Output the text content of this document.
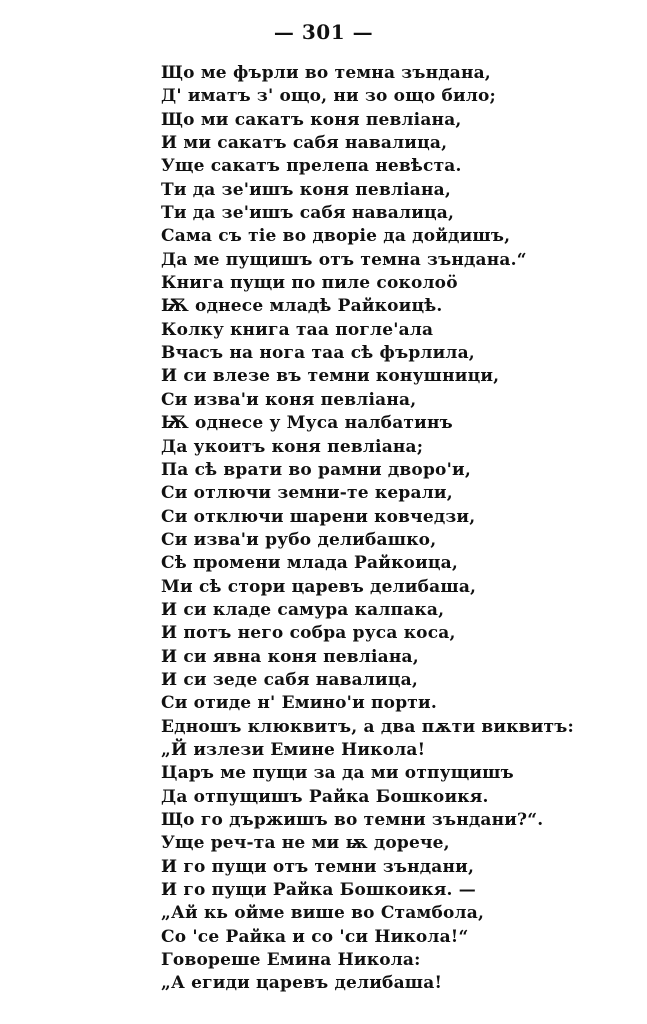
— 301 —
Що ме фърли во темна зъндана,
Д' иматъ з' ощо, ни зо ощо било;
Що ми сакатъ коня певліана,
И ми сакатъ сабя навалица,
Уще сакатъ прелепа невѣста.
Ти да зе'ишъ коня певліана,
Ти да зе'ишъ сабя навалица,
Сама съ тіе во дворіе да дойдишъ,
Да ме пущишъ отъ темна зъндана.“
Книга пущи по пиле соколоӧ
Ѭ однесе младѣ Райкоицѣ.
Колку книга таа погле'ала
Вчасъ на нога таа сѣ фърлила,
И си влезе въ темни конушници,
Си изва'и коня певліана,
Ѭ однесе у Муса налбатинъ
Да укоитъ коня певліана;
Па сѣ врати во рамни дворо'и,
Си отлючи земни-те керали,
Си отключи шарени ковчедзи,
Си изва'и рубо делибашко,
Сѣ промени млада Райкоица,
Ми сѣ стори царевъ делибаша,
И си кладе самура калпака,
И потъ него собра руса коса,
И си явна коня певліана,
И си зеде сабя навалица,
Си отиде н' Емино'и порти.
Едношъ клюквитъ, а два пѫти виквитъ:
„Й излези Емине Никола!
Царъ ме пущи за да ми отпущишъ
Да отпущишъ Райка Бошкоикя.
Що го държишъ во темни зъндани?“.
Уще реч-та не ми ѭ дорече,
И го пущи отъ темни зъндани,
И го пущи Райка Бошкоикя. —
„Ай кь ойме више во Стамбола,
Со 'се Райка и со 'си Никола!“
Говореше Емина Никола:
„А егиди царевъ делибаша!
